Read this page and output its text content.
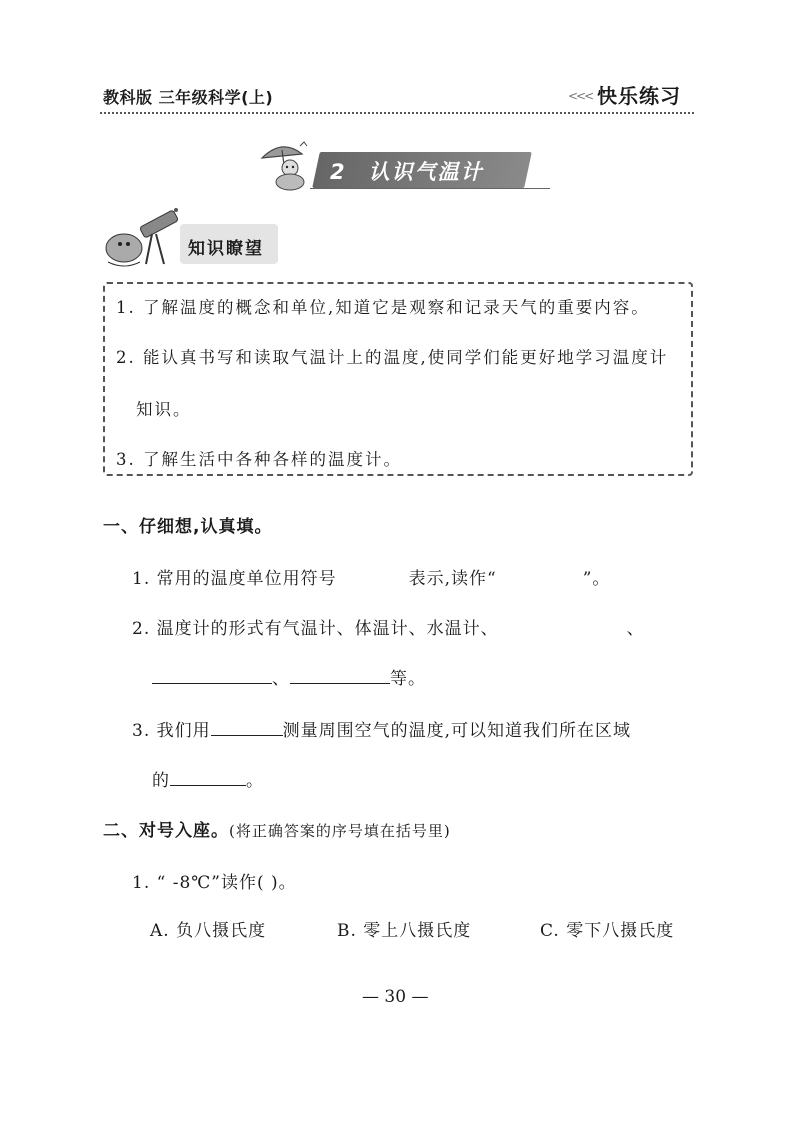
教科版 三年级科学(上)	<<< 快乐练习
2 认识气温计
知识瞭望
1. 了解温度的概念和单位,知道它是观察和记录天气的重要内容。
2. 能认真书写和读取气温计上的温度,使同学们能更好地学习温度计
知识。
3. 了解生活中各种各样的温度计。
一、仔细想,认真填。
1. 常用的温度单位用符号	表示,读作“	”。
2. 温度计的形式有气温计、体温计、水温计、	、
、	等。
3. 我们用	测量周围空气的温度,可以知道我们所在区域
的	。
二、对号入座。(将正确答案的序号填在括号里)
1. “ -8℃”读作( )。
A. 负八摄氏度	B. 零上八摄氏度	C. 零下八摄氏度
— 30 —
